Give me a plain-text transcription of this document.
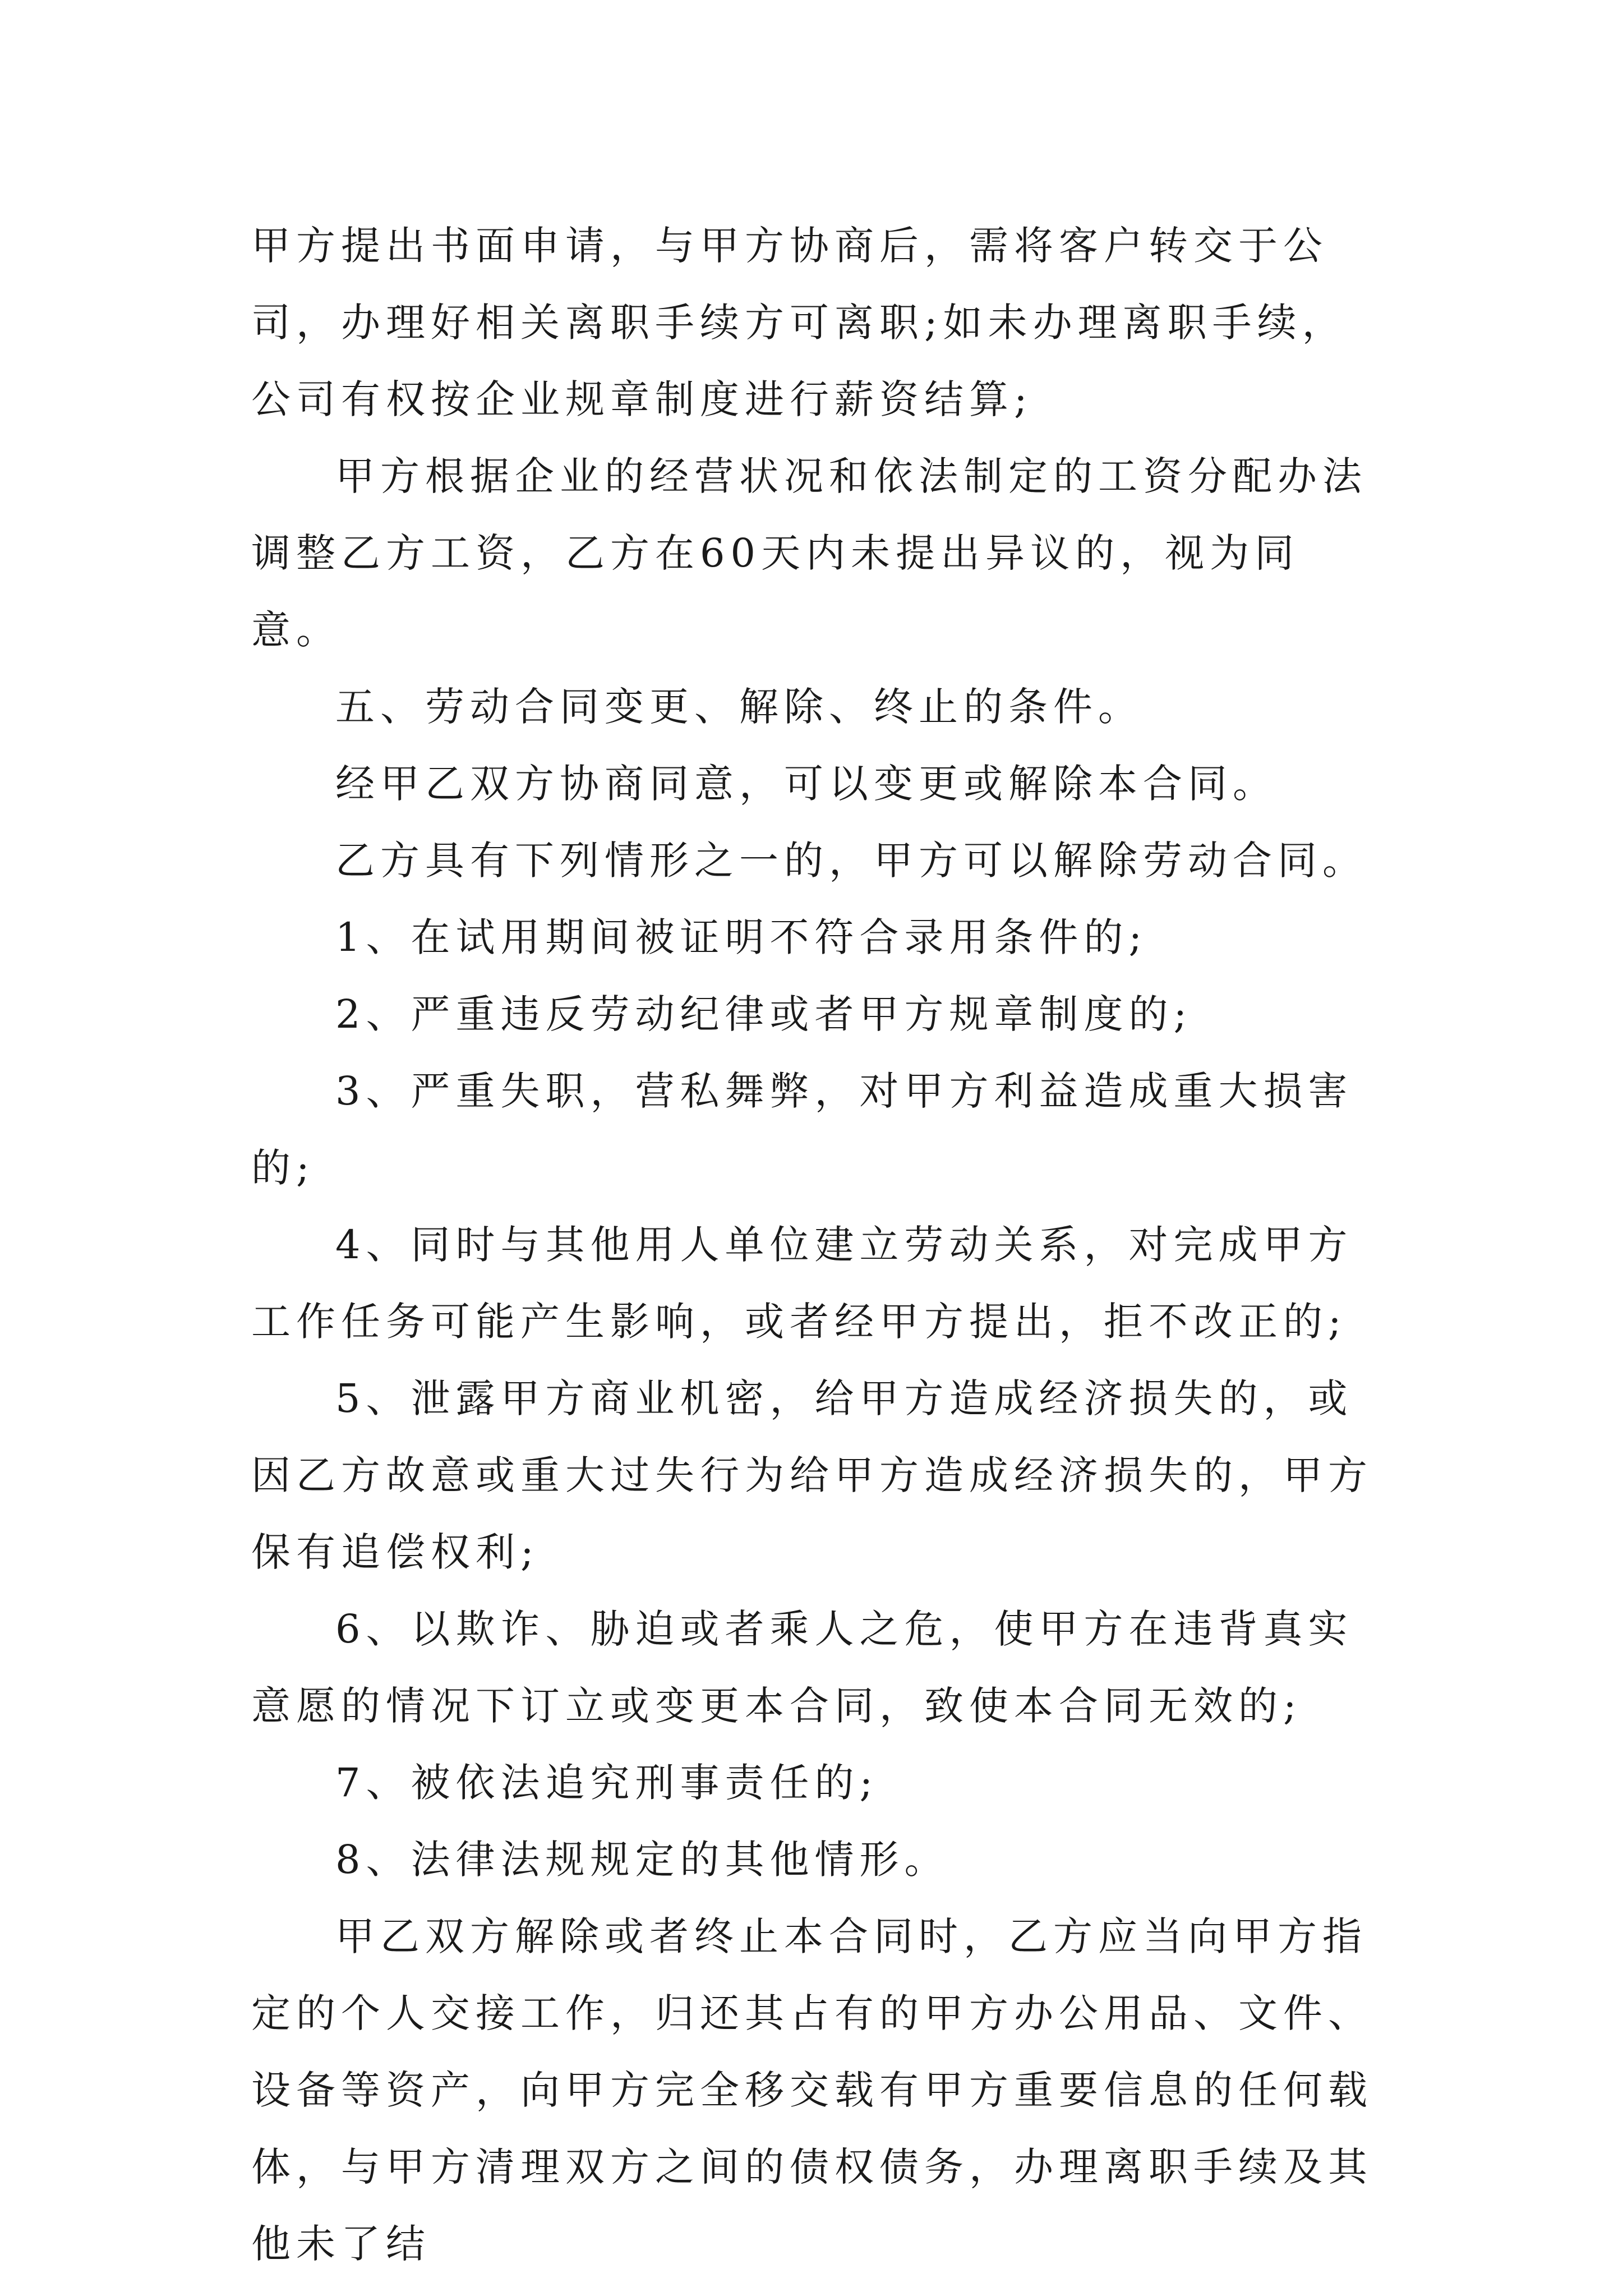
甲方提出书面申请，与甲方协商后，需将客户转交于公司，办理好相关离职手续方可离职;如未办理离职手续，公司有权按企业规章制度进行薪资结算;

甲方根据企业的经营状况和依法制定的工资分配办法调整乙方工资，乙方在60天内未提出异议的，视为同意。

五、劳动合同变更、解除、终止的条件。

经甲乙双方协商同意，可以变更或解除本合同。

乙方具有下列情形之一的，甲方可以解除劳动合同。

1、在试用期间被证明不符合录用条件的;

2、严重违反劳动纪律或者甲方规章制度的;

3、严重失职，营私舞弊，对甲方利益造成重大损害的;

4、同时与其他用人单位建立劳动关系，对完成甲方工作任务可能产生影响，或者经甲方提出，拒不改正的;

5、泄露甲方商业机密，给甲方造成经济损失的，或因乙方故意或重大过失行为给甲方造成经济损失的，甲方保有追偿权利;

6、以欺诈、胁迫或者乘人之危，使甲方在违背真实意愿的情况下订立或变更本合同，致使本合同无效的;

7、被依法追究刑事责任的;

8、法律法规规定的其他情形。

甲乙双方解除或者终止本合同时，乙方应当向甲方指定的个人交接工作，归还其占有的甲方办公用品、文件、设备等资产，向甲方完全移交载有甲方重要信息的任何载体，与甲方清理双方之间的债权债务，办理离职手续及其他未了结
